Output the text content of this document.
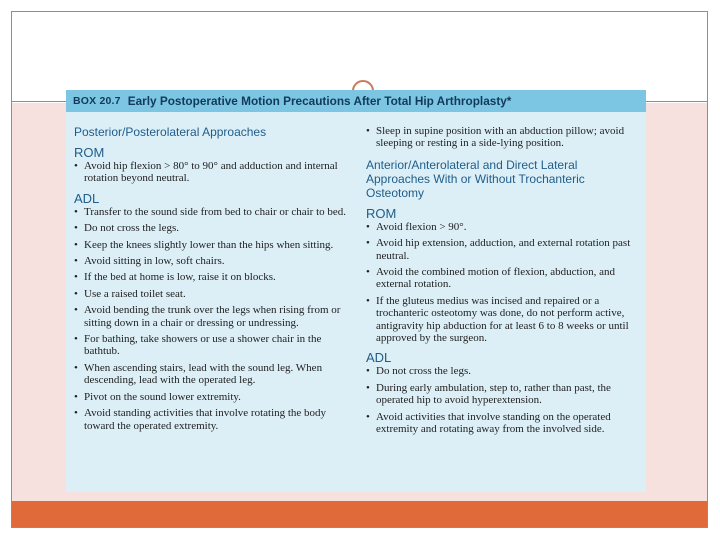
BOX 20.7 Early Postoperative Motion Precautions After Total Hip Arthroplasty*
Posterior/Posterolateral Approaches
ROM
• Avoid hip flexion > 80° to 90° and adduction and internal rotation beyond neutral.
ADL
• Transfer to the sound side from bed to chair or chair to bed.
• Do not cross the legs.
• Keep the knees slightly lower than the hips when sitting.
• Avoid sitting in low, soft chairs.
• If the bed at home is low, raise it on blocks.
• Use a raised toilet seat.
• Avoid bending the trunk over the legs when rising from or sitting down in a chair or dressing or undressing.
• For bathing, take showers or use a shower chair in the bathtub.
• When ascending stairs, lead with the sound leg. When descending, lead with the operated leg.
• Pivot on the sound lower extremity.
• Avoid standing activities that involve rotating the body toward the operated extremity.
• Sleep in supine position with an abduction pillow; avoid sleeping or resting in a side-lying position.
Anterior/Anterolateral and Direct Lateral Approaches With or Without Trochanteric Osteotomy
ROM
• Avoid flexion > 90°.
• Avoid hip extension, adduction, and external rotation past neutral.
• Avoid the combined motion of flexion, abduction, and external rotation.
• If the gluteus medius was incised and repaired or a trochanteric osteotomy was done, do not perform active, antigravity hip abduction for at least 6 to 8 weeks or until approved by the surgeon.
ADL
• Do not cross the legs.
• During early ambulation, step to, rather than past, the operated hip to avoid hyperextension.
• Avoid activities that involve standing on the operated extremity and rotating away from the involved side.
